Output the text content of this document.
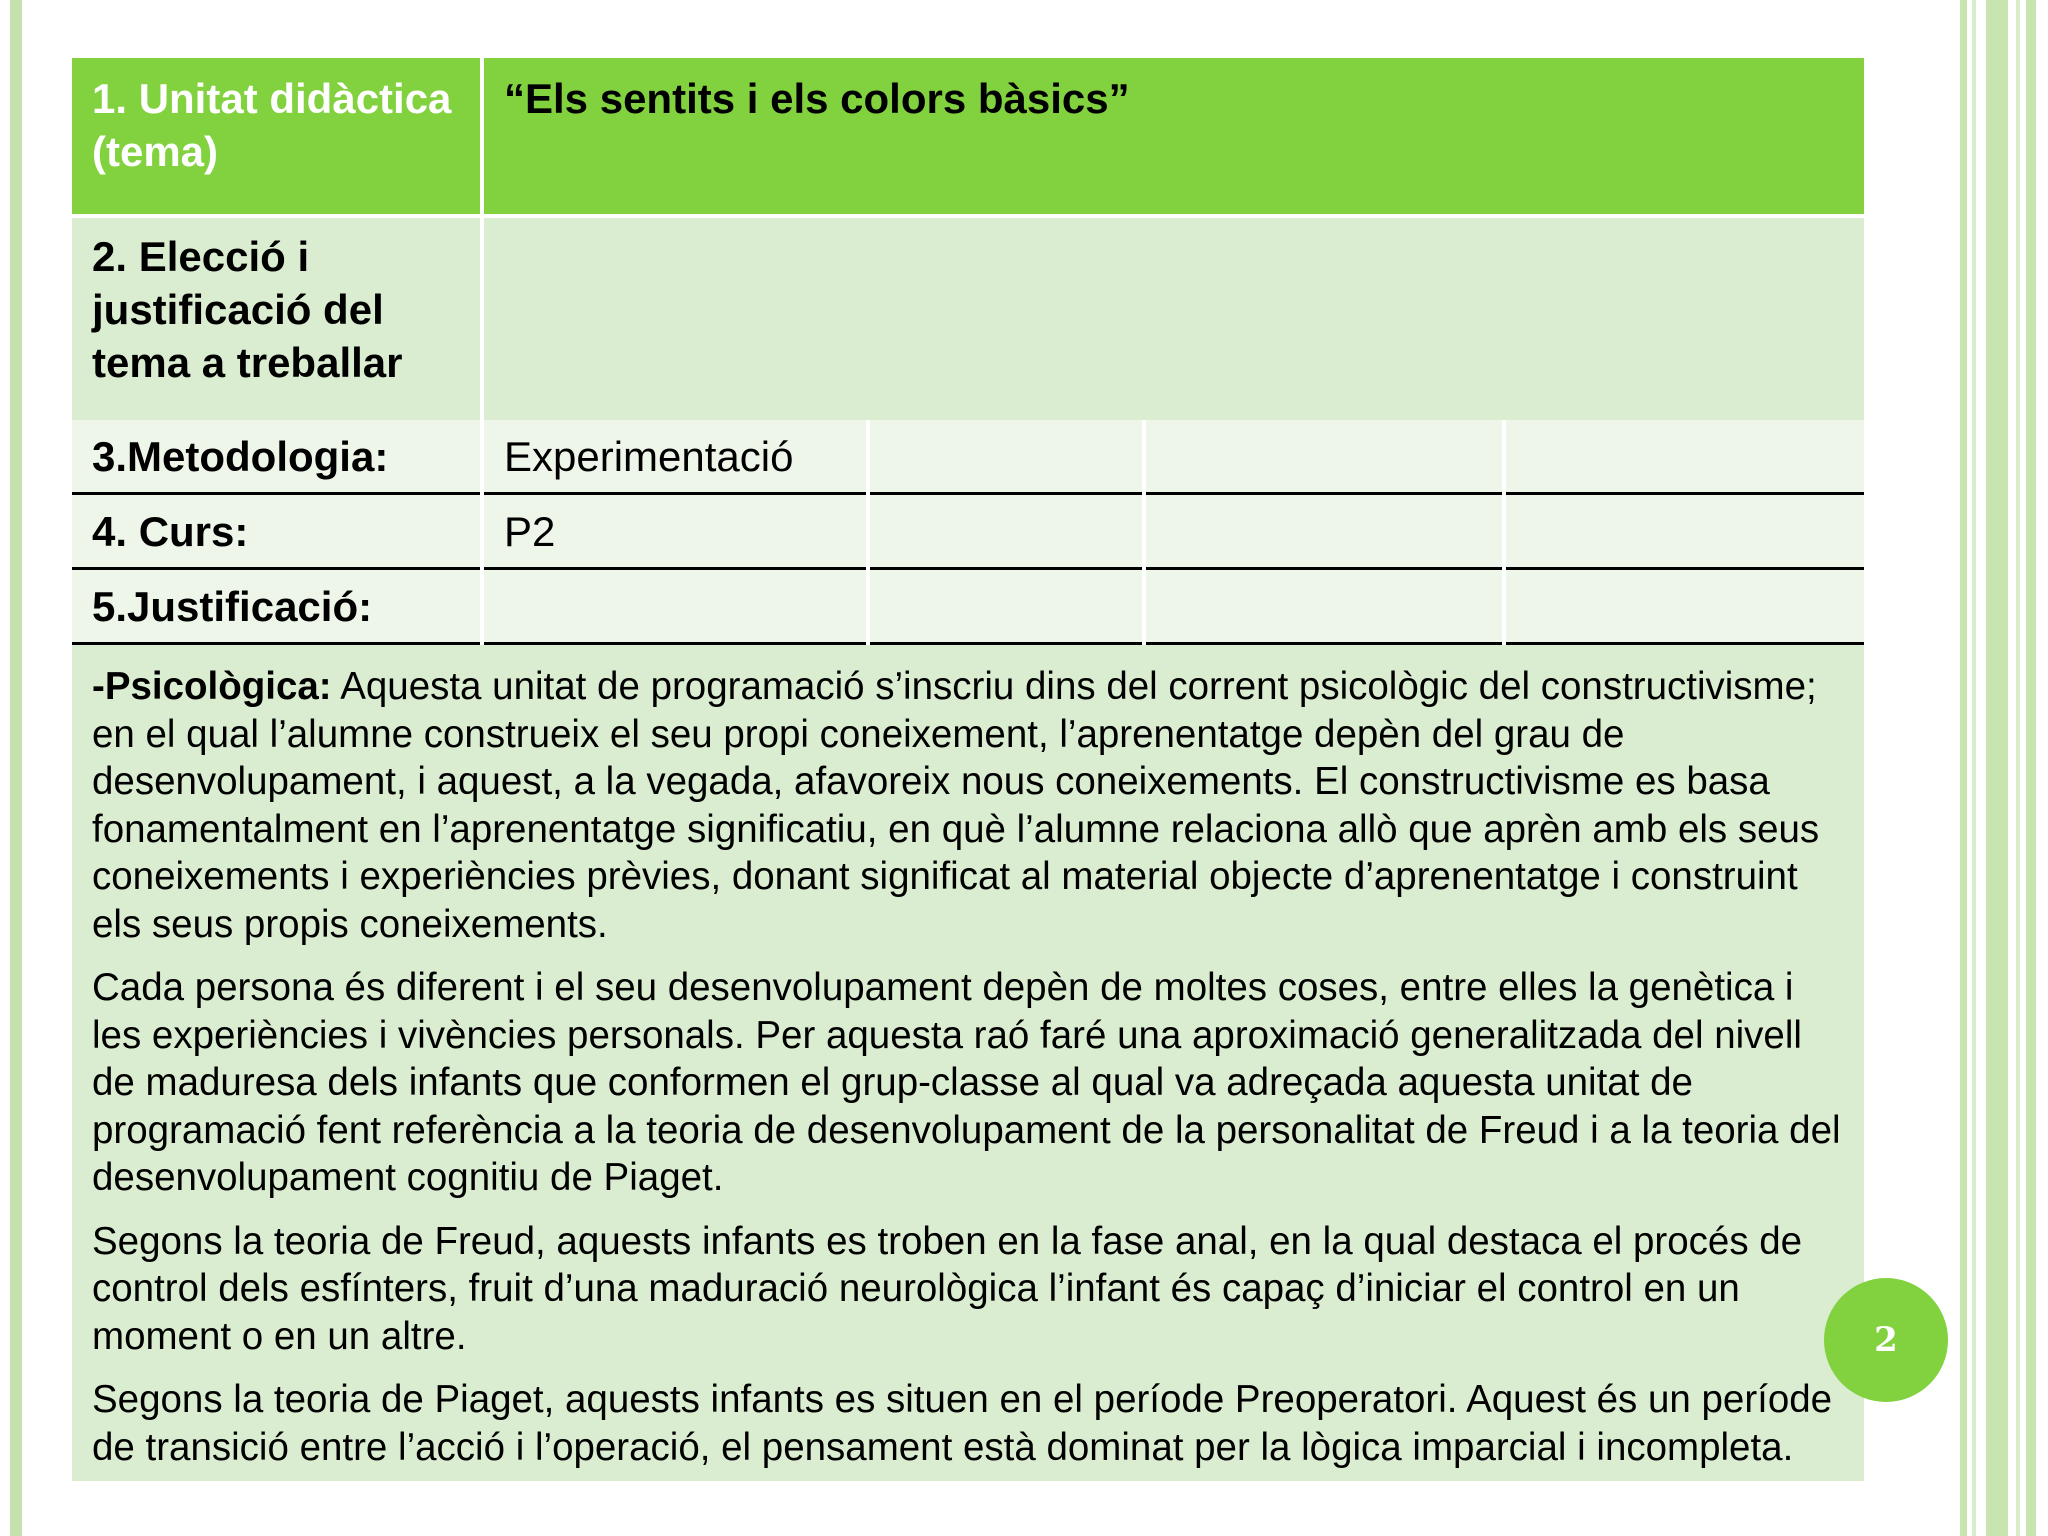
1. Unitat didàctica (tema)	“Els sentits i els colors bàsics”			
2. Elecció i justificació del tema a treballar				
3.Metodologia:	Experimentació			
4. Curs:	P2			
5.Justificació:				

-Psicològica: Aquesta unitat de programació s’inscriu dins del corrent psicològic del constructivisme; en el qual l’alumne construeix el seu propi coneixement, l’aprenentatge depèn del grau de desenvolupament, i aquest, a la vegada, afavoreix nous coneixements. El constructivisme es basa fonamentalment en l’aprenentatge significatiu, en què l’alumne relaciona allò que aprèn amb els seus coneixements i experiències prèvies, donant significat al material objecte d’aprenentatge i construint els seus propis coneixements.

Cada persona és diferent i el seu desenvolupament depèn de moltes coses, entre elles la genètica i les experiències i vivències personals. Per aquesta raó faré una aproximació generalitzada del nivell de maduresa dels infants que conformen el grup-classe al qual va adreçada aquesta unitat de programació fent referència a la teoria de desenvolupament de la personalitat de Freud i a la teoria del desenvolupament cognitiu de Piaget.

Segons la teoria de Freud, aquests infants es troben en la fase anal, en la qual destaca el procés de control dels esfínters, fruit d’una maduració neurològica l’infant és capaç d’iniciar el control en un moment o en un altre.

Segons la teoria de Piaget, aquests infants es situen en el període Preoperatori. Aquest és un període de transició entre l’acció i l’operació, el pensament està dominat per la lògica imparcial i incompleta.				

2
